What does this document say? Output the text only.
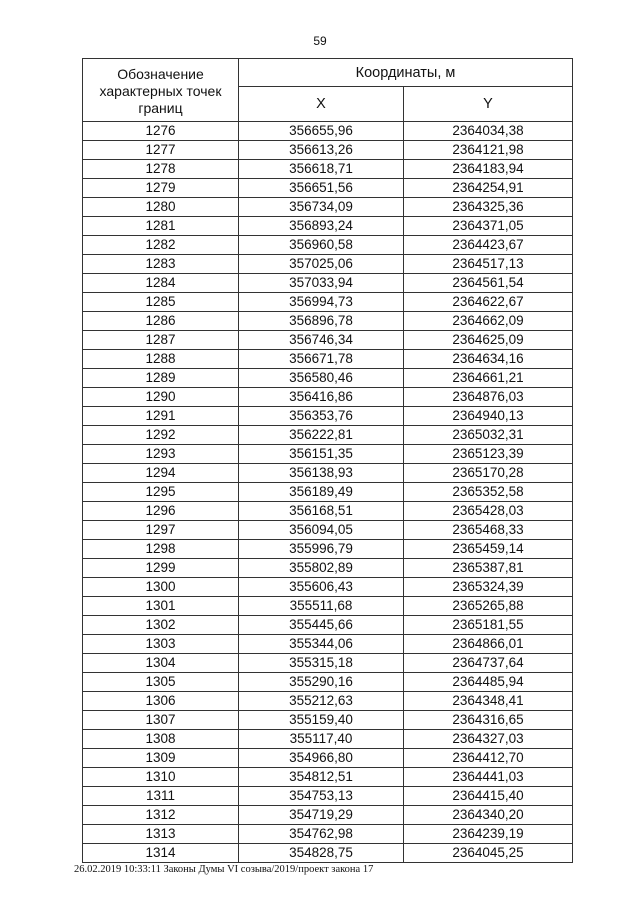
59
Обозначение
характерных точек
границ	Координаты, м	
	X	Y
1276	356655,96	2364034,38
1277	356613,26	2364121,98
1278	356618,71	2364183,94
1279	356651,56	2364254,91
1280	356734,09	2364325,36
1281	356893,24	2364371,05
1282	356960,58	2364423,67
1283	357025,06	2364517,13
1284	357033,94	2364561,54
1285	356994,73	2364622,67
1286	356896,78	2364662,09
1287	356746,34	2364625,09
1288	356671,78	2364634,16
1289	356580,46	2364661,21
1290	356416,86	2364876,03
1291	356353,76	2364940,13
1292	356222,81	2365032,31
1293	356151,35	2365123,39
1294	356138,93	2365170,28
1295	356189,49	2365352,58
1296	356168,51	2365428,03
1297	356094,05	2365468,33
1298	355996,79	2365459,14
1299	355802,89	2365387,81
1300	355606,43	2365324,39
1301	355511,68	2365265,88
1302	355445,66	2365181,55
1303	355344,06	2364866,01
1304	355315,18	2364737,64
1305	355290,16	2364485,94
1306	355212,63	2364348,41
1307	355159,40	2364316,65
1308	355117,40	2364327,03
1309	354966,80	2364412,70
1310	354812,51	2364441,03
1311	354753,13	2364415,40
1312	354719,29	2364340,20
1313	354762,98	2364239,19
1314	354828,75	2364045,25
26.02.2019 10:33:11 Законы Думы VI созыва/2019/проект закона 17
